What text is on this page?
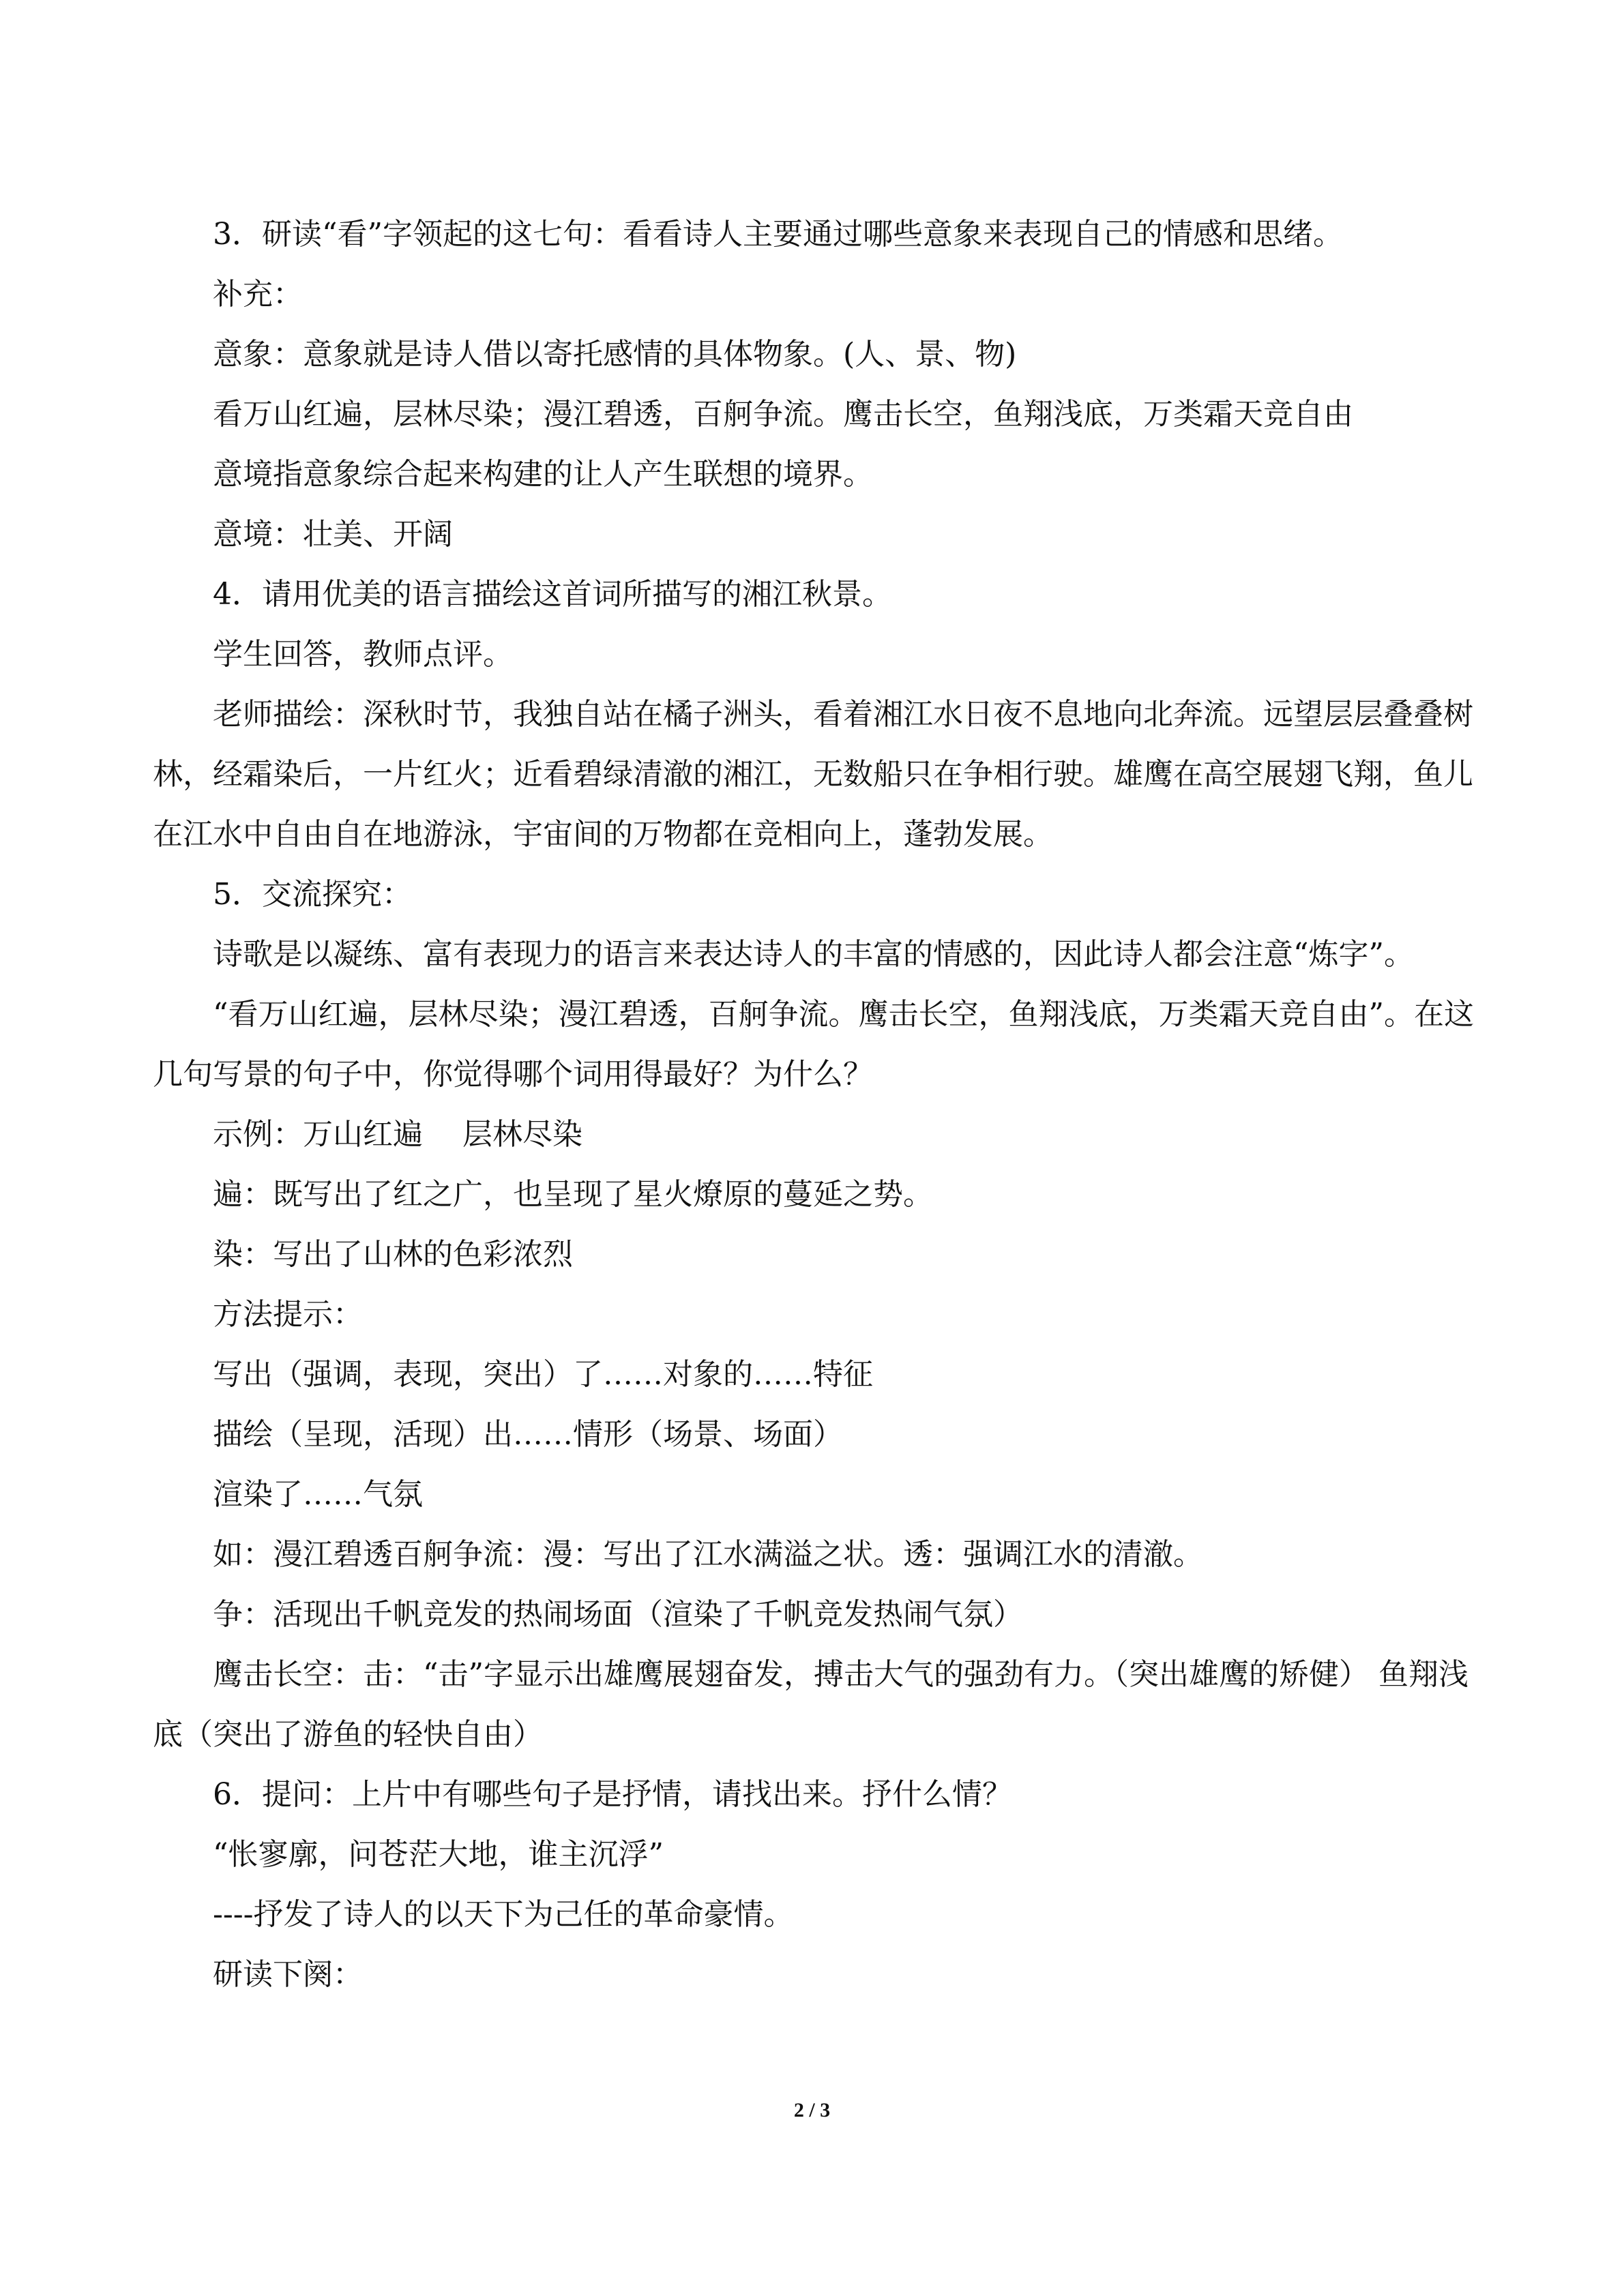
3．研读“看”字领起的这七句：看看诗人主要通过哪些意象来表现自己的情感和思绪。

补充：

意象：意象就是诗人借以寄托感情的具体物象。(人、景、物)

看万山红遍，层林尽染；漫江碧透，百舸争流。鹰击长空，鱼翔浅底，万类霜天竞自由

意境指意象综合起来构建的让人产生联想的境界。

意境：壮美、开阔

4．请用优美的语言描绘这首词所描写的湘江秋景。

学生回答，教师点评。

老师描绘：深秋时节，我独自站在橘子洲头，看着湘江水日夜不息地向北奔流。远望层层叠叠树林，经霜染后，一片红火；近看碧绿清澈的湘江，无数船只在争相行驶。雄鹰在高空展翅飞翔，鱼儿在江水中自由自在地游泳，宇宙间的万物都在竞相向上，蓬勃发展。

5．交流探究：

诗歌是以凝练、富有表现力的语言来表达诗人的丰富的情感的，因此诗人都会注意“炼字”。

“看万山红遍，层林尽染；漫江碧透，百舸争流。鹰击长空，鱼翔浅底，万类霜天竞自由”。在这几句写景的句子中，你觉得哪个词用得最好？为什么？

示例：万山红遍　 层林尽染

遍：既写出了红之广，也呈现了星火燎原的蔓延之势。

染：写出了山林的色彩浓烈

方法提示：

写出（强调，表现，突出）了……对象的……特征

描绘（呈现，活现）出……情形（场景、场面）

渲染了……气氛

如：漫江碧透百舸争流：漫：写出了江水满溢之状。透：强调江水的清澈。

争：活现出千帆竞发的热闹场面（渲染了千帆竞发热闹气氛）

鹰击长空：击：“击”字显示出雄鹰展翅奋发，搏击大气的强劲有力。（突出雄鹰的矫健） 鱼翔浅底（突出了游鱼的轻快自由）

6．提问：上片中有哪些句子是抒情，请找出来。抒什么情？

“怅寥廓，问苍茫大地，谁主沉浮”

----抒发了诗人的以天下为己任的革命豪情。

研读下阕：

2 / 3
